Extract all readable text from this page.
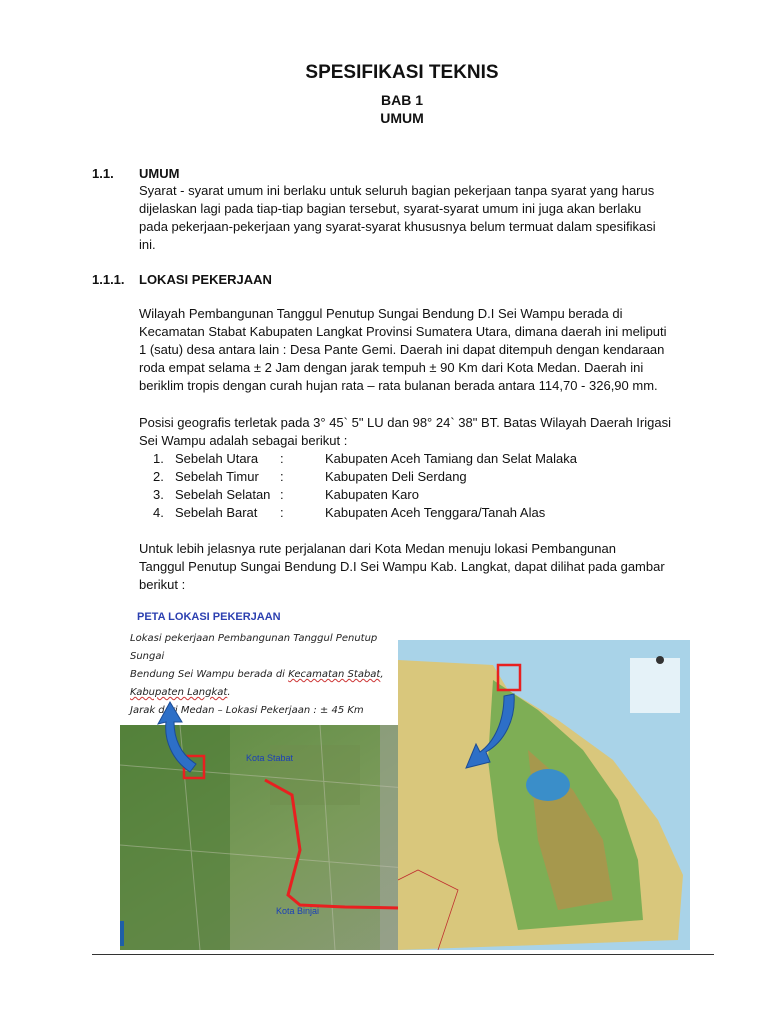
SPESIFIKASI TEKNIS
BAB 1
UMUM
1.1. UMUM
Syarat - syarat umum ini berlaku untuk seluruh bagian pekerjaan tanpa syarat yang harus
dijelaskan lagi pada tiap-tiap bagian tersebut, syarat-syarat umum ini juga akan berlaku
pada pekerjaan-pekerjaan yang syarat-syarat khususnya belum termuat dalam spesifikasi
ini.
1.1.1. LOKASI PEKERJAAN
Wilayah Pembangunan Tanggul Penutup Sungai Bendung D.I Sei Wampu berada di
Kecamatan Stabat Kabupaten Langkat Provinsi Sumatera Utara, dimana daerah ini meliputi
1 (satu) desa antara lain : Desa Pante Gemi. Daerah ini dapat ditempuh dengan kendaraan
roda empat selama ± 2 Jam dengan jarak tempuh ± 90 Km dari Kota Medan. Daerah ini
beriklim tropis dengan curah hujan rata – rata bulanan berada antara 114,70 - 326,90 mm.
Posisi geografis terletak pada 3° 45` 5" LU dan 98° 24` 38" BT. Batas Wilayah Daerah Irigasi
Sei Wampu adalah sebagai berikut :
1. Sebelah Utara :	Kabupaten Aceh Tamiang dan Selat Malaka
2. Sebelah Timur :	Kabupaten Deli Serdang
3. Sebelah Selatan :	Kabupaten Karo
4. Sebelah Barat :	Kabupaten Aceh Tenggara/Tanah Alas
Untuk lebih jelasnya rute perjalanan dari Kota Medan menuju lokasi Pembangunan
Tanggul Penutup Sungai Bendung D.I Sei Wampu Kab. Langkat, dapat dilihat pada gambar
berikut :
PETA LOKASI PEKERJAAN
Lokasi pekerjaan Pembangunan Tanggul Penutup Sungai
Bendung Sei Wampu berada di Kecamatan Stabat,
Kabupaten Langkat.
Jarak dari Medan – Lokasi Pekerjaan : ± 45 Km
Kota Stabat
Kota Binjai
